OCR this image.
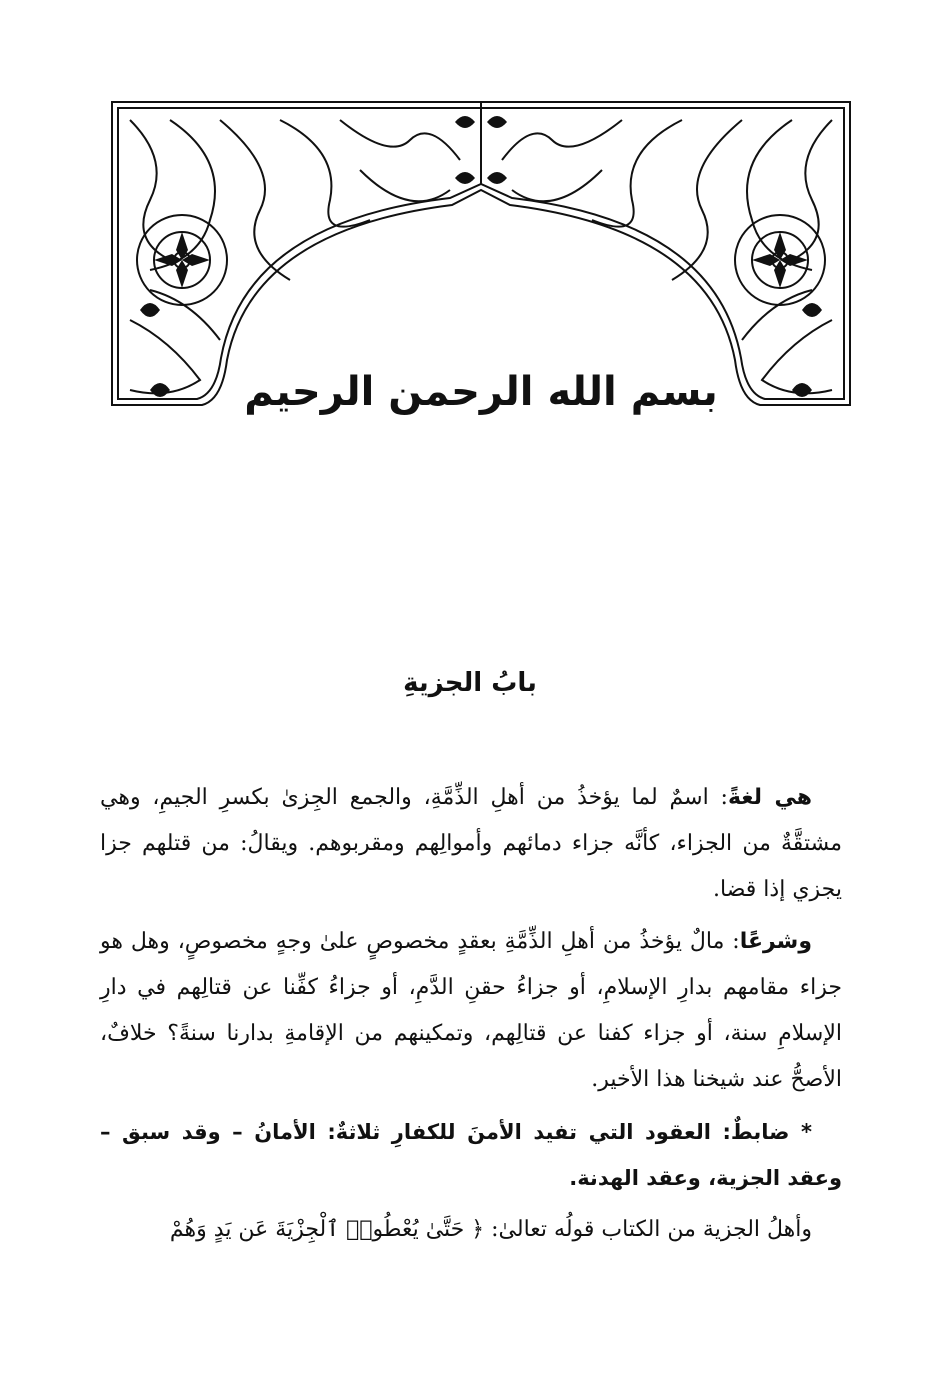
بسم الله الرحمن الرحيم
بابُ الجزيةِ

هي لغةً: اسمٌ لما يؤخذُ من أهلِ الذِّمَّةِ، والجمع الجِزىٰ بكسرِ الجيمِ، وهي مشتقَّةٌ من الجزاء، كأنَّه جزاء دمائهم وأموالِهم ومقربوهم. ويقالُ: من قتلهم جزا يجزي إذا قضا.

وشرعًا: مالٌ يؤخذُ من أهلِ الذِّمَّةِ بعقدٍ مخصوصٍ علىٰ وجهٍ مخصوصٍ، وهل هو جزاء مقامهم بدارِ الإسلامِ، أو جزاءُ حقنِ الدَّمِ، أو جزاءُ كفِّنا عن قتالِهم في دارِ الإسلامِ سنة، أو جزاء كفنا عن قتالِهم، وتمكينهم من الإقامةِ بدارنا سنةً؟ خلافٌ، الأصحُّ عند شيخنا هذا الأخير.

* ضابطٌ: العقود التي تفيد الأمنَ للكفارِ ثلاثةٌ: الأمانُ – وقد سبق – وعقد الجزية، وعقد الهدنة.

وأهلُ الجزية من الكتاب قولُه تعالىٰ: ﴿ حَتَّىٰ يُعْطُوا۟ ٱلْجِزْيَةَ عَن يَدٍ وَهُمْ
